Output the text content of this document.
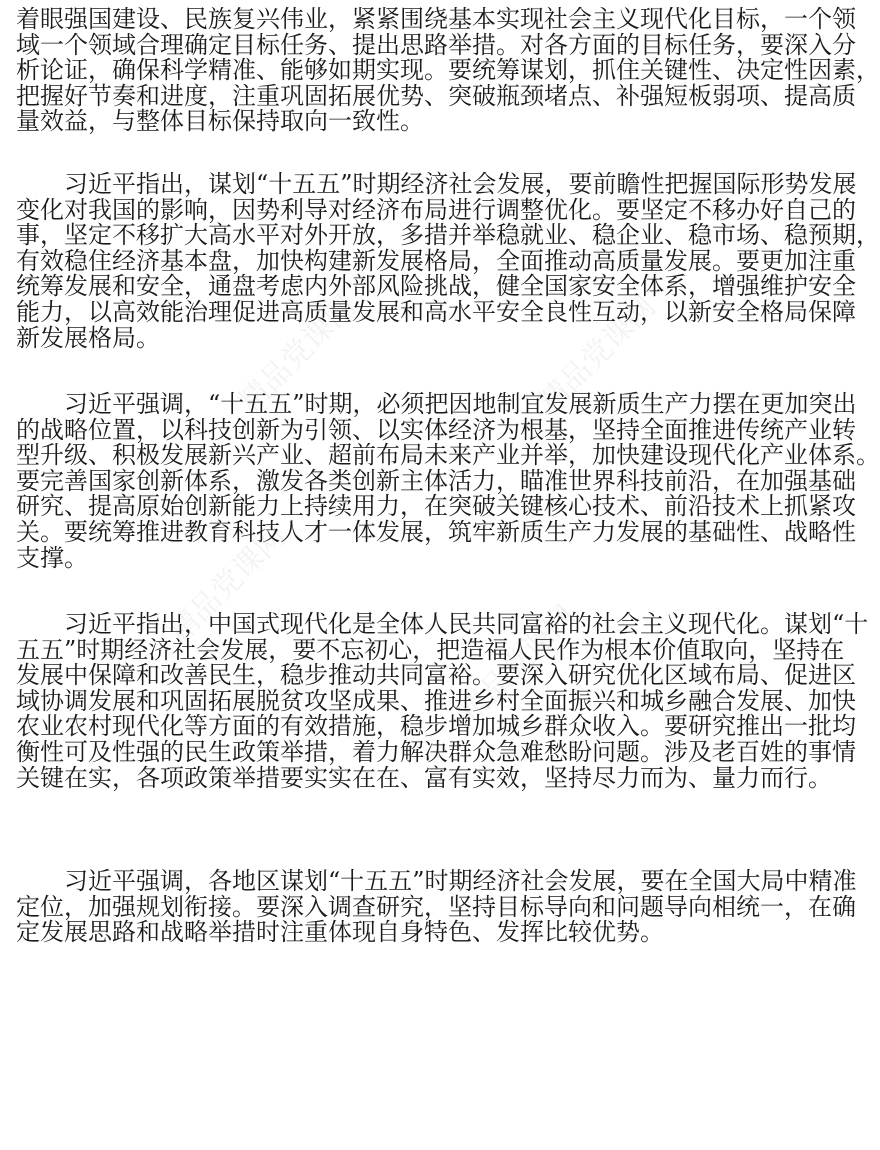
精品党课网	精品党课网
精品党课网
精品党课网
着眼强国建设、民族复兴伟业，紧紧围绕基本实现社会主义现代化目标，一个领
域一个领域合理确定目标任务、提出思路举措。对各方面的目标任务，要深入分
析论证，确保科学精准、能够如期实现。要统筹谋划，抓住关键性、决定性因素，
把握好节奏和进度，注重巩固拓展优势、突破瓶颈堵点、补强短板弱项、提高质
量效益，与整体目标保持取向一致性。
　　习近平指出，谋划“十五五”时期经济社会发展，要前瞻性把握国际形势发展
变化对我国的影响，因势利导对经济布局进行调整优化。要坚定不移办好自己的
事，坚定不移扩大高水平对外开放，多措并举稳就业、稳企业、稳市场、稳预期，
有效稳住经济基本盘，加快构建新发展格局，全面推动高质量发展。要更加注重
统筹发展和安全，通盘考虑内外部风险挑战，健全国家安全体系，增强维护安全
能力，以高效能治理促进高质量发展和高水平安全良性互动，以新安全格局保障
新发展格局。
　　习近平强调，“十五五”时期，必须把因地制宜发展新质生产力摆在更加突出
的战略位置，以科技创新为引领、以实体经济为根基，坚持全面推进传统产业转
型升级、积极发展新兴产业、超前布局未来产业并举，加快建设现代化产业体系。
要完善国家创新体系，激发各类创新主体活力，瞄准世界科技前沿，在加强基础
研究、提高原始创新能力上持续用力，在突破关键核心技术、前沿技术上抓紧攻
关。要统筹推进教育科技人才一体发展，筑牢新质生产力发展的基础性、战略性
支撑。
　　习近平指出，中国式现代化是全体人民共同富裕的社会主义现代化。谋划“十
五五”时期经济社会发展，要不忘初心，把造福人民作为根本价值取向，坚持在
发展中保障和改善民生，稳步推动共同富裕。要深入研究优化区域布局、促进区
域协调发展和巩固拓展脱贫攻坚成果、推进乡村全面振兴和城乡融合发展、加快
农业农村现代化等方面的有效措施，稳步增加城乡群众收入。要研究推出一批均
衡性可及性强的民生政策举措，着力解决群众急难愁盼问题。涉及老百姓的事情
关键在实，各项政策举措要实实在在、富有实效，坚持尽力而为、量力而行。
　　习近平强调，各地区谋划“十五五”时期经济社会发展，要在全国大局中精准
定位，加强规划衔接。要深入调查研究，坚持目标导向和问题导向相统一，在确
定发展思路和战略举措时注重体现自身特色、发挥比较优势。
